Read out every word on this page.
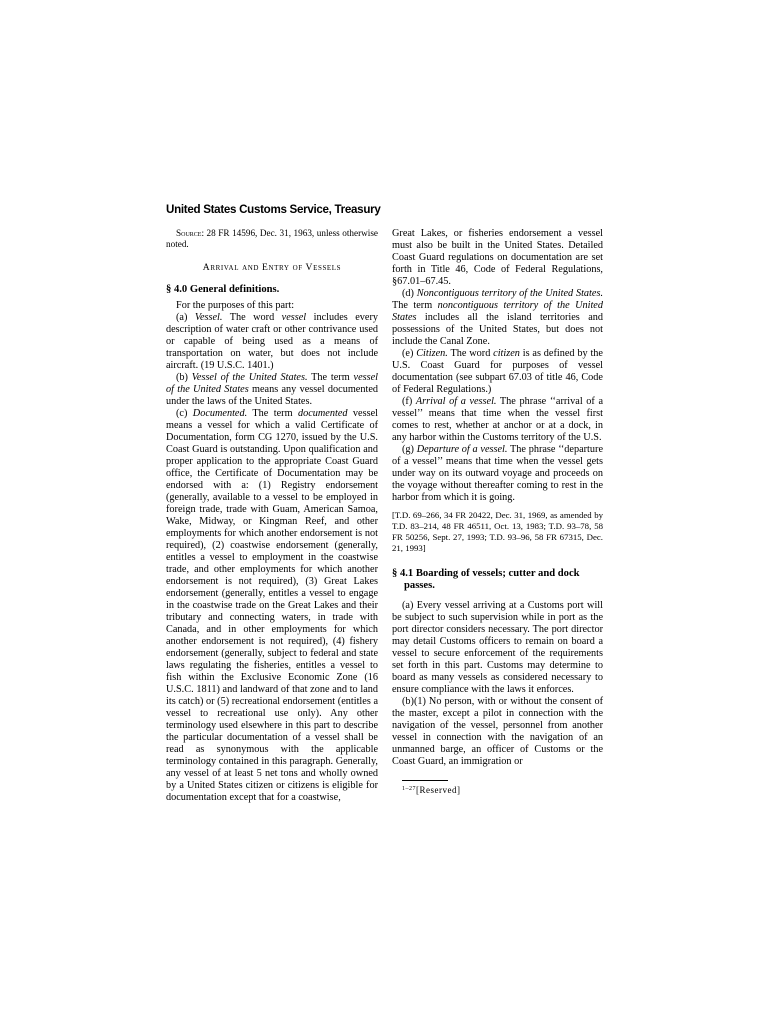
United States Customs Service, Treasury

Source: 28 FR 14596, Dec. 31, 1963, unless otherwise noted.

Arrival and Entry of Vessels

§ 4.0 General definitions.

For the purposes of this part:

(a) Vessel. The word vessel includes every description of water craft or other contrivance used or capable of being used as a means of transportation on water, but does not include aircraft. (19 U.S.C. 1401.)

(b) Vessel of the United States. The term vessel of the United States means any vessel documented under the laws of the United States.

(c) Documented. The term documented vessel means a vessel for which a valid Certificate of Documentation, form CG 1270, issued by the U.S. Coast Guard is outstanding. Upon qualification and proper application to the appropriate Coast Guard office, the Certificate of Documentation may be endorsed with a: (1) Registry endorsement (generally, available to a vessel to be employed in foreign trade, trade with Guam, American Samoa, Wake, Midway, or Kingman Reef, and other employments for which another endorsement is not required), (2) coastwise endorsement (generally, entitles a vessel to employment in the coastwise trade, and other employments for which another endorsement is not required), (3) Great Lakes endorsement (generally, entitles a vessel to engage in the coastwise trade on the Great Lakes and their tributary and connecting waters, in trade with Canada, and in other employments for which another endorsement is not required), (4) fishery endorsement (generally, subject to federal and state laws regulating the fisheries, entitles a vessel to fish within the Exclusive Economic Zone (16 U.S.C. 1811) and landward of that zone and to land its catch) or (5) recreational endorsement (entitles a vessel to recreational use only). Any other terminology used elsewhere in this part to describe the particular documentation of a vessel shall be read as synonymous with the applicable terminology contained in this paragraph. Generally, any vessel of at least 5 net tons and wholly owned by a United States citizen or citizens is eligible for documentation except that for a coastwise,

Great Lakes, or fisheries endorsement a vessel must also be built in the United States. Detailed Coast Guard regulations on documentation are set forth in Title 46, Code of Federal Regulations, §67.01–67.45.

(d) Noncontiguous territory of the United States. The term noncontiguous territory of the United States includes all the island territories and possessions of the United States, but does not include the Canal Zone.

(e) Citizen. The word citizen is as defined by the U.S. Coast Guard for purposes of vessel documentation (see subpart 67.03 of title 46, Code of Federal Regulations.)

(f) Arrival of a vessel. The phrase ‘‘arrival of a vessel’’ means that time when the vessel first comes to rest, whether at anchor or at a dock, in any harbor within the Customs territory of the U.S.

(g) Departure of a vessel. The phrase ‘‘departure of a vessel’’ means that time when the vessel gets under way on its outward voyage and proceeds on the voyage without thereafter coming to rest in the harbor from which it is going.

[T.D. 69–266, 34 FR 20422, Dec. 31, 1969, as amended by T.D. 83–214, 48 FR 46511, Oct. 13, 1983; T.D. 93–78, 58 FR 50256, Sept. 27, 1993; T.D. 93–96, 58 FR 67315, Dec. 21, 1993]

§ 4.1 Boarding of vessels; cutter and dock passes.

(a) Every vessel arriving at a Customs port will be subject to such supervision while in port as the port director considers necessary. The port director may detail Customs officers to remain on board a vessel to secure enforcement of the requirements set forth in this part. Customs may determine to board as many vessels as considered necessary to ensure compliance with the laws it enforces.

(b)(1) No person, with or without the consent of the master, except a pilot in connection with the navigation of the vessel, personnel from another vessel in connection with the navigation of an unmanned barge, an officer of Customs or the Coast Guard, an immigration or

$^{1-27}$[Reserved]
